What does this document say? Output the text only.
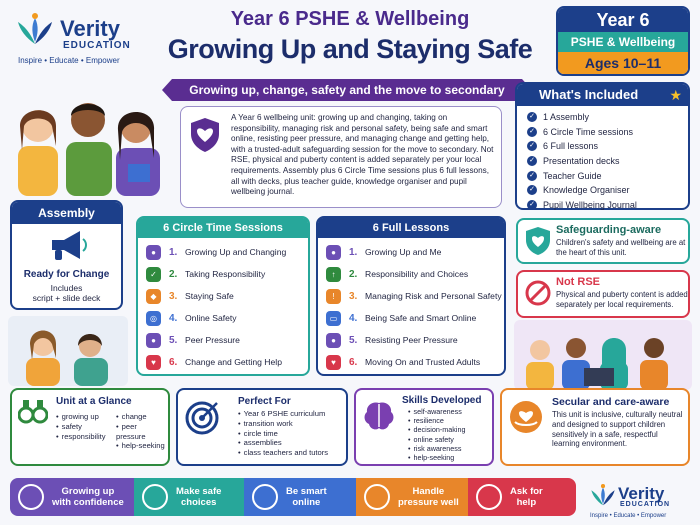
Verity
EDUCATION
Inspire • Educate • Empower
Year 6 PSHE & Wellbeing
Growing Up and Staying Safe
Growing up, change, safety and the move to secondary
Year 6
PSHE & Wellbeing
Ages 10–11

A Year 6 wellbeing unit: growing up and changing, taking on responsibility, managing risk and personal safety, being safe and smart online, resisting peer pressure, and managing change and getting help, with a trusted-adult safeguarding session for the move to secondary. Not RSE, physical and puberty content is added separately per your local requirements. Assembly plus 6 Circle Time sessions plus 6 full lessons, all with decks, plus teacher guide, knowledge organiser and pupil wellbeing journal.

What's Included	★
✓ 1 Assembly
✓ 6 Circle Time sessions
✓ 6 Full lessons
✓ Presentation decks
✓ Teacher Guide
✓ Knowledge Organiser
✓ Pupil Wellbeing Journal
Assembly
Ready for Change
Includes
script + slide deck
6 Circle Time Sessions
●	1. Growing Up and Changing
✓	2. Taking Responsibility
◆	3. Staying Safe
◎	4. Online Safety
●	5. Peer Pressure
♥	6. Change and Getting Help
6 Full Lessons
●	1. Growing Up and Me
↑	2. Responsibility and Choices
!	3. Managing Risk and Personal Safety
▭	4. Being Safe and Smart Online
●	5. Resisting Peer Pressure
♥	6. Moving On and Trusted Adults
Safeguarding-aware
Children's safety and wellbeing are at the heart of this unit.
Not RSE
Physical and puberty content is added separately per local requirements.
Unit at a Glance
• growing up
• safety
• responsibility
• change
• peer pressure
• help-seeking
Perfect For
• Year 6 PSHE curriculum
• transition work
• circle time
• assemblies
• class teachers and tutors
Skills Developed
• self-awareness
• resilience
• decision-making
• online safety
• risk awareness
• help-seeking
Secular and care-aware
This unit is inclusive, culturally neutral and designed to support children sensitively in a safe, respectful learning environment.
Growing up
with confidence
Make safe
choices
Be smart
online
Handle
pressure well
Ask for
help	Verity
EDUCATION
Inspire • Educate • Empower
